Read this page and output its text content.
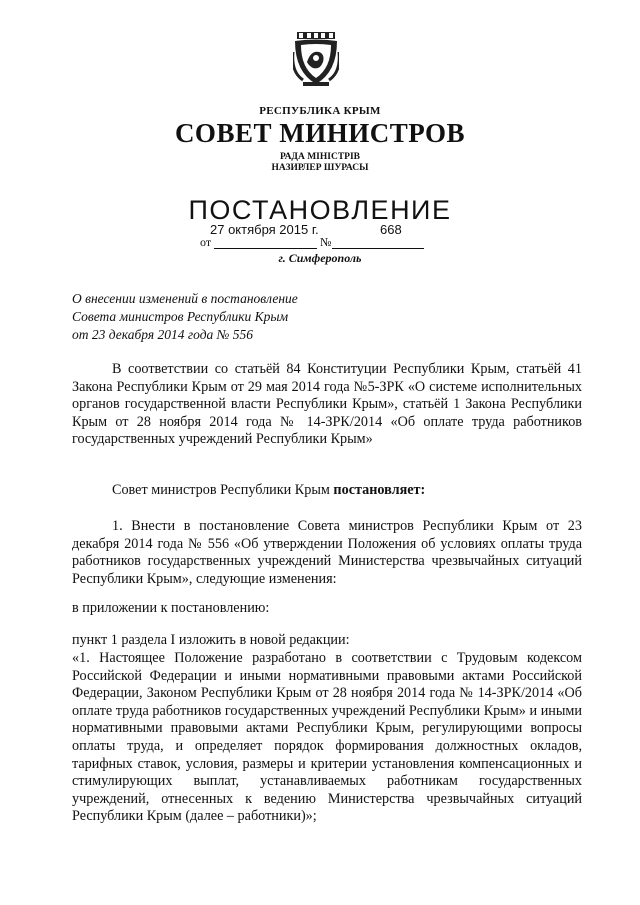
РЕСПУБЛИКА КРЫМ
СОВЕТ МИНИСТРОВ
РАДА МІНІСТРІВ
НАЗИРЛЕР ШУРАСЫ
ПОСТАНОВЛЕНИЕ
27 октября 2015 г.	668
от	№
г. Симферополь
О внесении изменений в постановление
Совета министров Республики Крым
от 23 декабря 2014 года № 556
В соответствии со статьёй 84 Конституции Республики Крым, статьёй 41 Закона Республики Крым от 29 мая 2014 года №5-ЗРК «О системе исполнительных органов государственной власти Республики Крым», статьёй 1 Закона Республики Крым от 28 ноября 2014 года № 14-ЗРК/2014 «Об оплате труда работников государственных учреждений Республики Крым»
Совет министров Республики Крым постановляет:
1. Внести в постановление Совета министров Республики Крым от 23 декабря 2014 года № 556 «Об утверждении Положения об условиях оплаты труда работников государственных учреждений Министерства чрезвычайных ситуаций Республики Крым», следующие изменения:
в приложении к постановлению:
пункт 1 раздела I изложить в новой редакции:
«1. Настоящее Положение разработано в соответствии с Трудовым кодексом Российской Федерации и иными нормативными правовыми актами Российской Федерации, Законом Республики Крым от 28 ноября 2014 года № 14-ЗРК/2014 «Об оплате труда работников государственных учреждений Республики Крым» и иными нормативными правовыми актами Республики Крым, регулирующими вопросы оплаты труда, и определяет порядок формирования должностных окладов, тарифных ставок, условия, размеры и критерии установления компенсационных и стимулирующих выплат, устанавливаемых работникам государственных учреждений, отнесенных к ведению Министерства чрезвычайных ситуаций Республики Крым (далее – работники)»;
